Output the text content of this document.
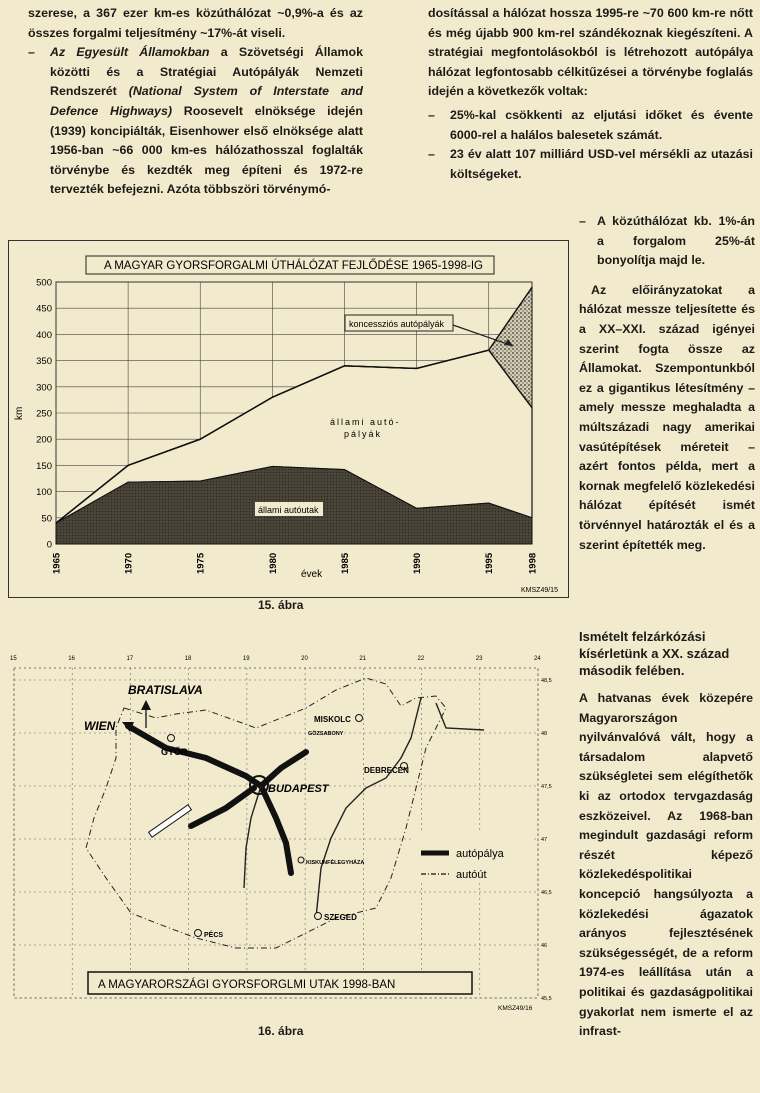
szerese, a 367 ezer km-es közúthálózat ~0,9%-a és az összes forgalmi teljesítmény ~17%-át viseli.

– Az Egyesült Államokban a Szövetségi Államok közötti és a Stratégiai Autópályák Nemzeti Rendszerét (National System of Interstate and Defence Highways) Roosevelt elnöksége idején (1939) koncipiálták, Eisenhower első elnöksége alatt 1956-ban ~66 000 km-es hálózathosszal foglalták törvénybe és kezdték meg építeni és 1972-re tervezték befejezni. Azóta többszöri törvénymó-

dosítással a hálózat hossza 1995-re ~70 600 km-re nőtt és még újabb 900 km-rel szándékoznak kiegészíteni. A stratégiai megfontolásokból is létrehozott autópálya hálózat legfontosabb célkitűzései a törvénybe foglalás idején a következők voltak:

– 25%-kal csökkenti az eljutási időket és évente 6000-rel a halálos balesetek számát.
– 23 év alatt 107 milliárd USD-vel mérsékli az utazási költségeket.
– A közúthálózat kb. 1%-án a forgalom 25%-át bonyolítja majd le.

Az előirányzatokat a hálózat messze teljesítette és a XX–XXI. század igényei szerint fogta össze az Államokat. Szempontunkból ez a gigantikus létesítmény – amely messze meghaladta a múltszázadi nagy amerikai vasútépítések méreteit – azért fontos példa, mert a kornak megfelelő közlekedési hálózat építését ismét törvénnyel határozták el és a szerint építették meg.

Ismételt felzárkózási kísérletünk a XX. század második felében.

A hatvanas évek közepére Magyarországon nyilvánvalóvá vált, hogy a társadalom alapvető szükségletei sem elégíthetők ki az ortodox tervgazdaság eszközeivel. Az 1968-ban megindult gazdasági reform részét képező közlekedéspolitikai koncepció hangsúlyozta a közlekedési ágazatok arányos fejlesztésének szükségességét, de a reform 1974-es leállítása után a politikai és gazdaságpolitikai gyakorlat nem ismerte el az infrast-

0
50
100
150
200
250
300
350
400
450
500
1965	1970	1975	1980	1985	1990	1995	1998
A MAGYAR GYORSFORGALMI ÚTHÁLÓZAT FEJLŐDÉSE 1965-1998-IG
km
évek
KMSZ49/15
koncessziós autópályák
állami autó-
pályák
állami autóutak
15. ábra
15	16	17	18	19	20	21	22	23	24
48,5
48
47,5
47
46,5
46
45,5
BRATISLAVA
WIEN
GYŐR
BUDAPEST
MISKOLC
GÖZSABONY
DEBRECEN
KISKUNFÉLEGYHÁZA
SZEGED
PÉCS
autópálya
autóút
A MAGYARORSZÁGI GYORSFORGLMI UTAK 1998-BAN
KMSZ49/16
16. ábra
